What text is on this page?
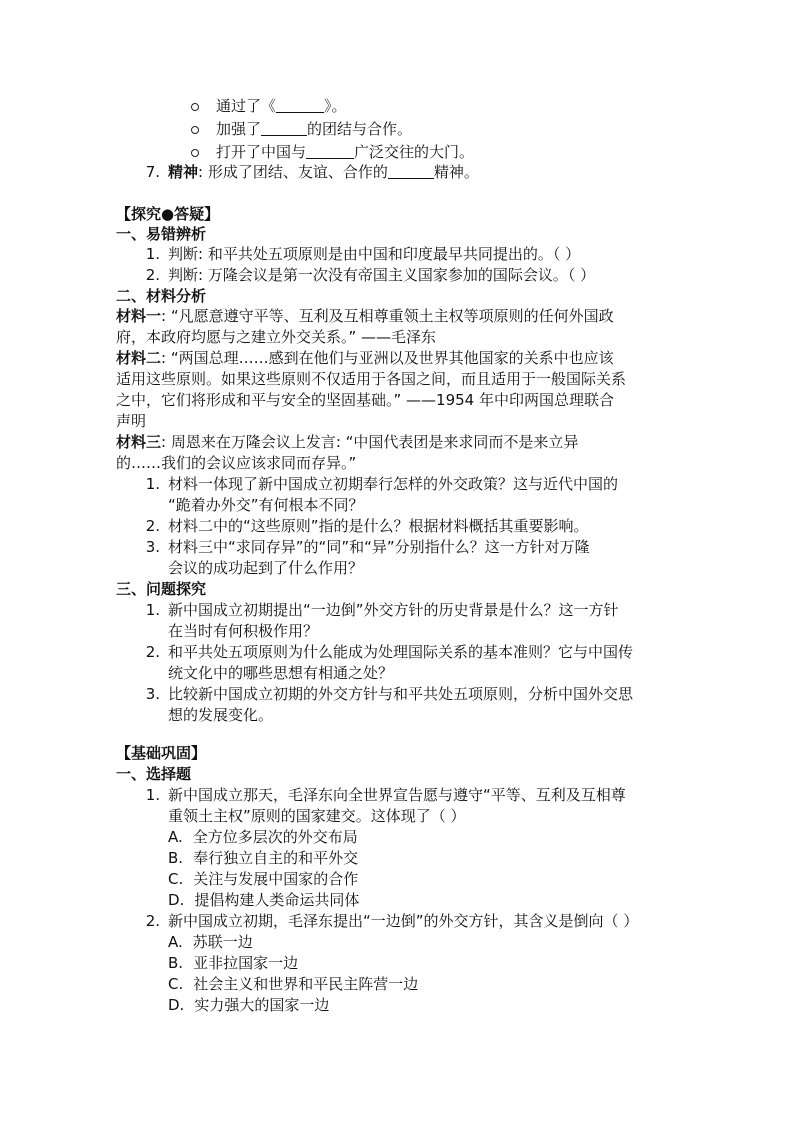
通过了《	》。
加强了	的团结与合作。
打开了中国与	广泛交往的大门。
7. 精神: 形成了团结、友谊、合作的	精神。
【探究●答疑】
一、易错辨析
1. 判断: 和平共处五项原则是由中国和印度最早共同提出的。（ ）
2. 判断: 万隆会议是第一次没有帝国主义国家参加的国际会议。（ ）
二、材料分析
材料一: “凡愿意遵守平等、互利及互相尊重领土主权等项原则的任何外国政
府，本政府均愿与之建立外交关系。” ——毛泽东
材料二: “两国总理……感到在他们与亚洲以及世界其他国家的关系中也应该
适用这些原则。如果这些原则不仅适用于各国之间，而且适用于一般国际关系
之中，它们将形成和平与安全的坚固基础。” ——1954 年中印两国总理联合
声明
材料三: 周恩来在万隆会议上发言: “中国代表团是来求同而不是来立异
的……我们的会议应该求同而存异。”
1. 材料一体现了新中国成立初期奉行怎样的外交政策？这与近代中国的
“跪着办外交”有何根本不同？
2. 材料二中的“这些原则”指的是什么？根据材料概括其重要影响。
3. 材料三中“求同存异”的“同”和“异”分别指什么？这一方针对万隆
会议的成功起到了什么作用？
三、问题探究
1. 新中国成立初期提出“一边倒”外交方针的历史背景是什么？这一方针
在当时有何积极作用？
2. 和平共处五项原则为什么能成为处理国际关系的基本准则？它与中国传
统文化中的哪些思想有相通之处？
3. 比较新中国成立初期的外交方针与和平共处五项原则，分析中国外交思
想的发展变化。
【基础巩固】
一、选择题
1. 新中国成立那天，毛泽东向全世界宣告愿与遵守“平等、互利及互相尊
重领土主权”原则的国家建交。这体现了（ ）
A. 全方位多层次的外交布局
B. 奉行独立自主的和平外交
C. 关注与发展中国家的合作
D. 提倡构建人类命运共同体
2. 新中国成立初期，毛泽东提出“一边倒”的外交方针，其含义是倒向（ ）
A. 苏联一边
B. 亚非拉国家一边
C. 社会主义和世界和平民主阵营一边
D. 实力强大的国家一边
